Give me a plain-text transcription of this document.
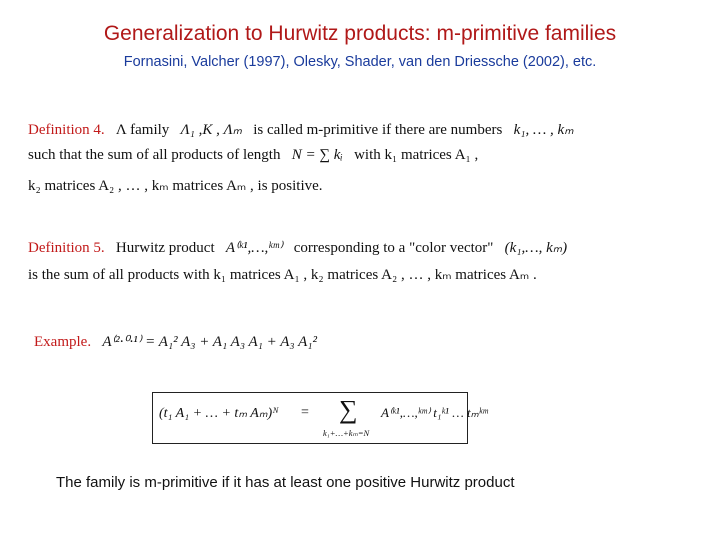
Generalization to Hurwitz products: m-primitive families
Fornasini, Valcher (1997), Olesky, Shader, van den Driessche (2002), etc.
Definition 4. Λ family Λ₁ ,K , Λₘ is called m-primitive if there are numbers k₁, … , kₘ
such that the sum of all products of length N = ∑ kᵢ with k₁ matrices A₁ ,
k₂ matrices A₂ , … , kₘ matrices Aₘ , is positive.
Definition 5. Hurwitz product A⁽ᵏ¹,…,ᵏᵐ⁾ corresponding to a "color vector" (k₁,…, kₘ)
is the sum of all products with k₁ matrices A₁ , k₂ matrices A₂ , … , kₘ matrices Aₘ .
Example. A⁽²·⁰·¹⁾ = A₁² A₃ + A₁ A₃ A₁ + A₃ A₁²
(t₁ A₁ + … + tₘ Aₘ)ᴺ = ∑
k₁+…+kₘ=N
A⁽ᵏ¹,…,ᵏᵐ⁾ t₁ᵏ¹ … tₘᵏᵐ
The family is m-primitive if it has at least one positive Hurwitz product
